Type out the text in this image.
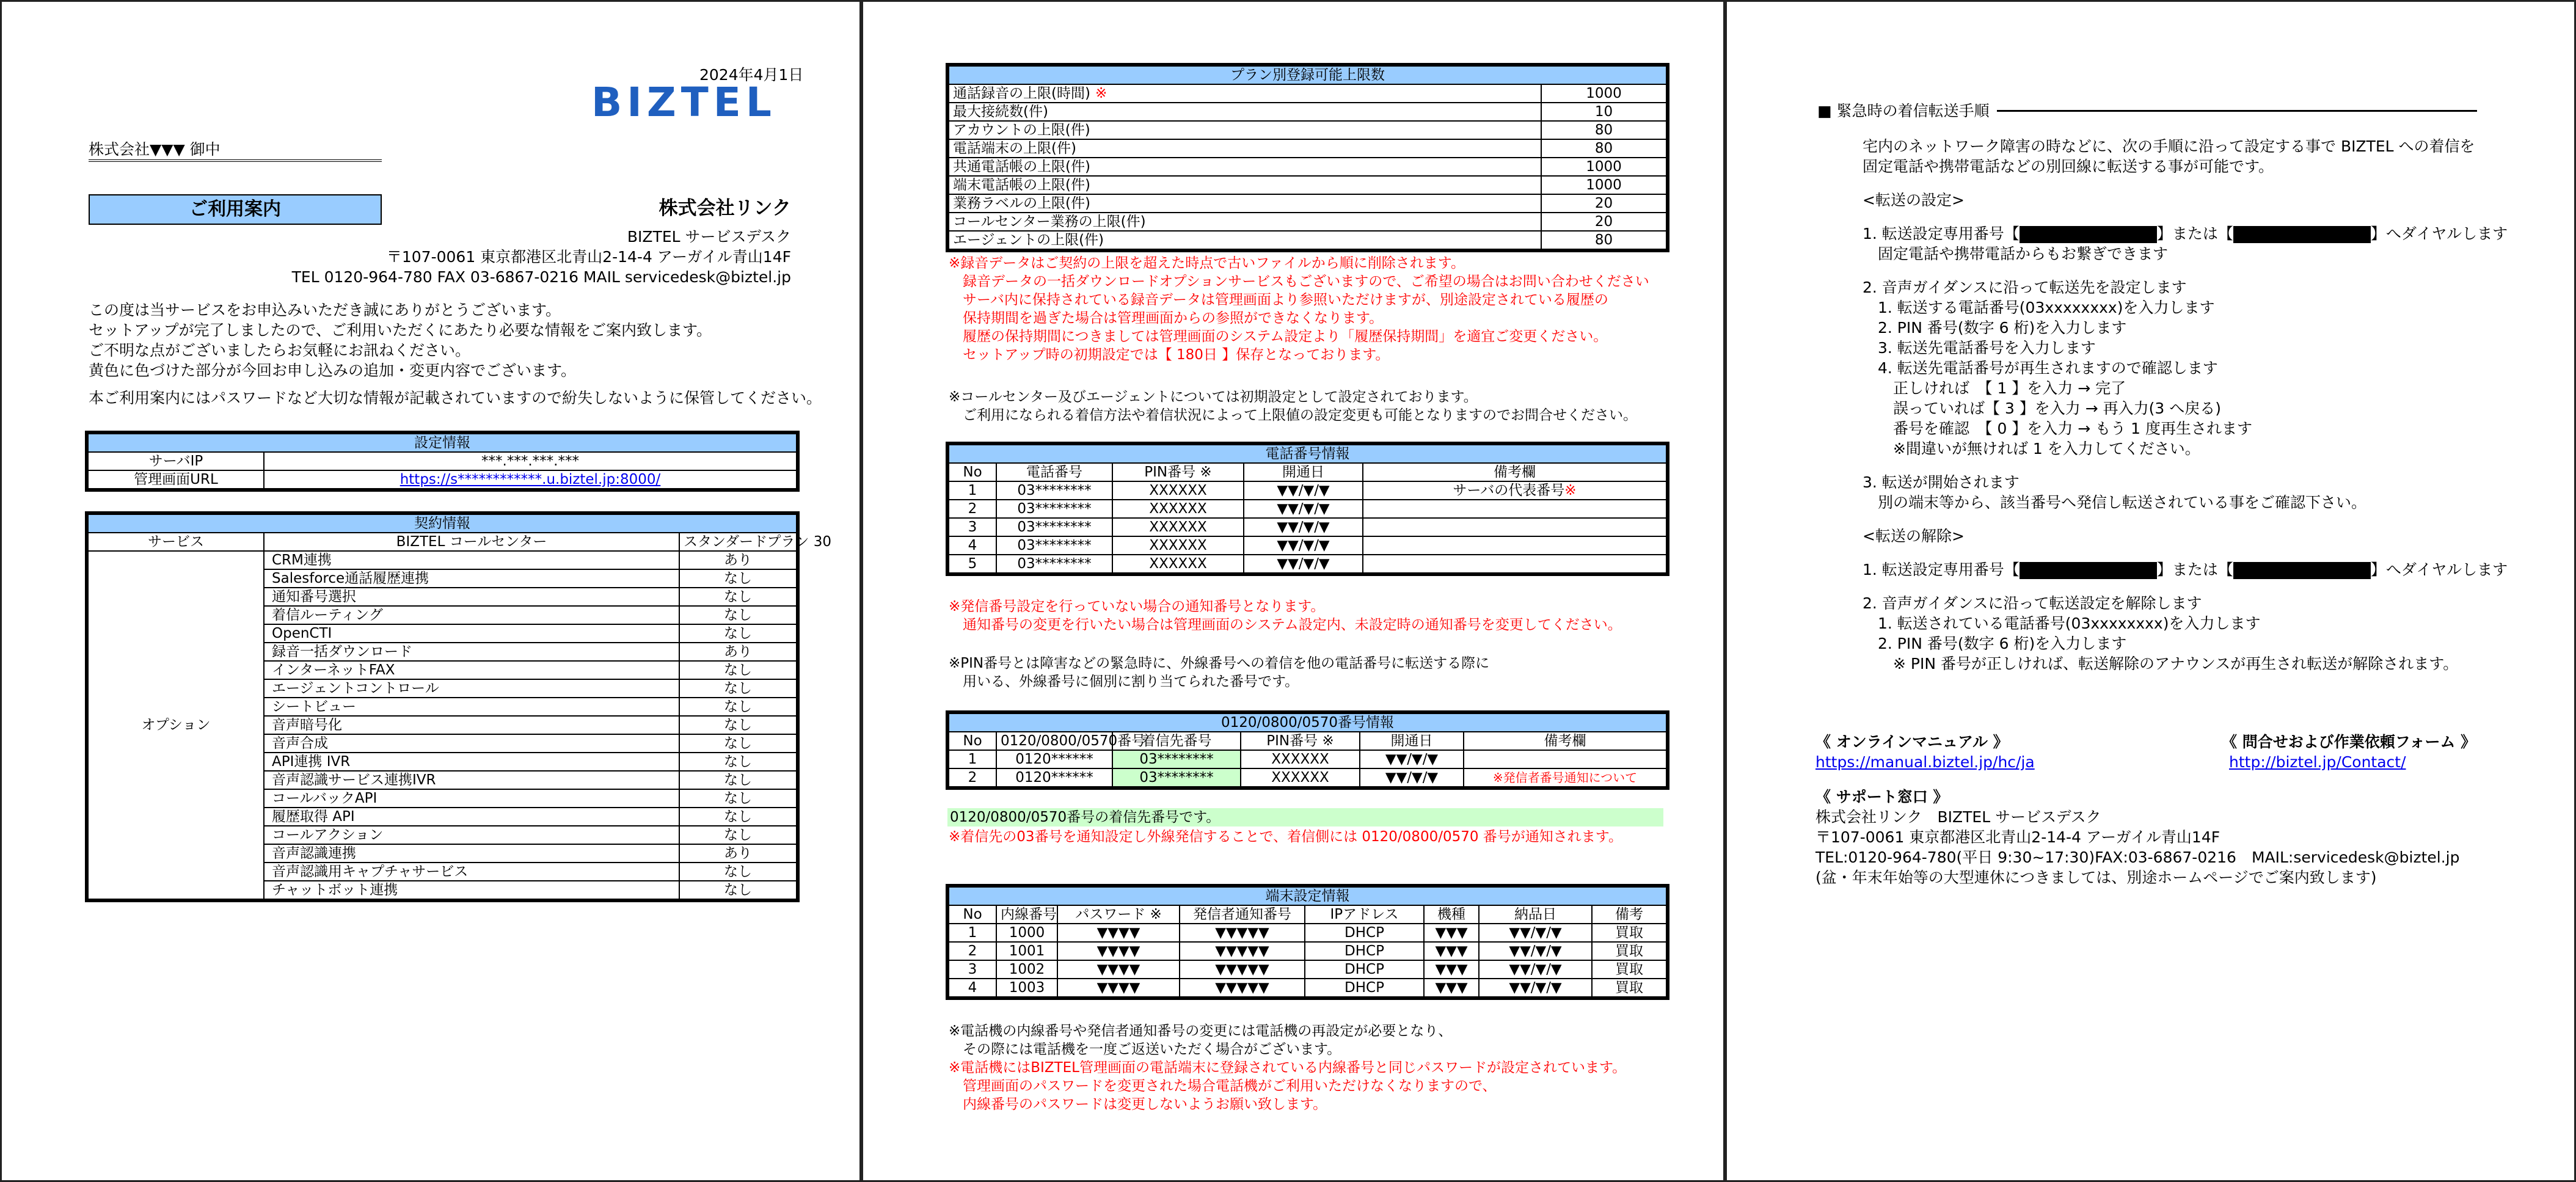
2024年4月1日
BIZTEL
株式会社▼▼▼ 御中
ご利用案内	株式会社リンク
BIZTEL サービスデスク
〒107-0061 東京都港区北青山2-14-4 アーガイル青山14F
TEL 0120-964-780 FAX 03-6867-0216 MAIL servicedesk@biztel.jp
この度は当サービスをお申込みいただき誠にありがとうございます。
セットアップが完了しましたので、ご利用いただくにあたり必要な情報をご案内致します。
ご不明な点がございましたらお気軽にお訊ねください。
黄色に色づけた部分が今回お申し込みの追加・変更内容でございます。
本ご利用案内にはパスワードなど大切な情報が記載されていますので紛失しないように保管してください。
設定情報	
サーバIP	***.***.***.***
管理画面URL	https://s************.u.biztel.jp:8000/
契約情報		
サービス	BIZTEL コールセンター	スタンダードプラン 30
オプション	CRM連携	あり
	Salesforce通話履歴連携	なし
	通知番号選択	なし
	着信ルーティング	なし
	OpenCTI	なし
	録音一括ダウンロード	あり
	インターネットFAX	なし
	エージェントコントロール	なし
	シートビュー	なし
	音声暗号化	なし
	音声合成	なし
	API連携 IVR	なし
	音声認識サービス連携IVR	なし
	コールバックAPI	なし
	履歴取得 API	なし
	コールアクション	なし
	音声認識連携	あり
	音声認識用キャプチャサービス	なし
	チャットボット連携	なし
プラン別登録可能上限数	
通話録音の上限(時間) ※	1000
最大接続数(件)	10
アカウントの上限(件)	80
電話端末の上限(件)	80
共通電話帳の上限(件)	1000
端末電話帳の上限(件)	1000
業務ラベルの上限(件)	20
コールセンター業務の上限(件)	20
エージェントの上限(件)	80
※録音データはご契約の上限を超えた時点で古いファイルから順に削除されます。
　録音データの一括ダウンロードオプションサービスもございますので、ご希望の場合はお問い合わせください
　サーバ内に保持されている録音データは管理画面より参照いただけますが、別途設定されている履歴の
　保持期間を過ぎた場合は管理画面からの参照ができなくなります。
　履歴の保持期間につきましては管理画面のシステム設定より「履歴保持期間」を適宜ご変更ください。
　セットアップ時の初期設定では【 180日 】保存となっております。
※コールセンター及びエージェントについては初期設定として設定されております。
　ご利用になられる着信方法や着信状況によって上限値の設定変更も可能となりますのでお問合せください。
電話番号情報				
No	電話番号	PIN番号 ※	開通日	備考欄
1	03********	XXXXXX	▼▼/▼/▼	サーバの代表番号※
2	03********	XXXXXX	▼▼/▼/▼	
3	03********	XXXXXX	▼▼/▼/▼	
4	03********	XXXXXX	▼▼/▼/▼	
5	03********	XXXXXX	▼▼/▼/▼	
※発信番号設定を行っていない場合の通知番号となります。
　通知番号の変更を行いたい場合は管理画面のシステム設定内、未設定時の通知番号を変更してください。
※PIN番号とは障害などの緊急時に、外線番号への着信を他の電話番号に転送する際に
　用いる、外線番号に個別に割り当てられた番号です。
0120/0800/0570番号情報					
No	0120/0800/0570番号	着信先番号	PIN番号 ※	開通日	備考欄
1	0120******	03********	XXXXXX	▼▼/▼/▼	
2	0120******	03********	XXXXXX	▼▼/▼/▼	※発信者番号通知について
0120/0800/0570番号の着信先番号です。
※着信先の03番号を通知設定し外線発信することで、着信側には 0120/0800/0570 番号が通知されます。
端末設定情報							
No	内線番号	パスワード ※	発信者通知番号	IPアドレス	機種	納品日	備考
1	1000	▼▼▼▼	▼▼▼▼▼	DHCP	▼▼▼	▼▼/▼/▼	買取
2	1001	▼▼▼▼	▼▼▼▼▼	DHCP	▼▼▼	▼▼/▼/▼	買取
3	1002	▼▼▼▼	▼▼▼▼▼	DHCP	▼▼▼	▼▼/▼/▼	買取
4	1003	▼▼▼▼	▼▼▼▼▼	DHCP	▼▼▼	▼▼/▼/▼	買取
※電話機の内線番号や発信者通知番号の変更には電話機の再設定が必要となり、
　その際には電話機を一度ご返送いただく場合がございます。
※電話機にはBIZTEL管理画面の電話端末に登録されている内線番号と同じパスワードが設定されています。
　管理画面のパスワードを変更された場合電話機がご利用いただけなくなりますので、
　内線番号のパスワードは変更しないようお願い致します。
■ 緊急時の着信転送手順
宅内のネットワーク障害の時などに、次の手順に沿って設定する事で BIZTEL への着信を
固定電話や携帯電話などの別回線に転送する事が可能です。
<転送の設定>
1. 転送設定専用番号【	】または【	】へダイヤルします
　固定電話や携帯電話からもお繋ぎできます
2. 音声ガイダンスに沿って転送先を設定します
　1. 転送する電話番号(03xxxxxxxx)を入力します
　2. PIN 番号(数字 6 桁)を入力します
　3. 転送先電話番号を入力します
　4. 転送先電話番号が再生されますので確認します
　　正しければ　【 1 】を入力 → 完了
　　誤っていれば【 3 】を入力 → 再入力(3 へ戻る)
　　番号を確認　【 0 】を入力 → もう 1 度再生されます
　　※間違いが無ければ 1 を入力してください。
3. 転送が開始されます
　別の端末等から、該当番号へ発信し転送されている事をご確認下さい。
<転送の解除>
1. 転送設定専用番号【	】または【	】へダイヤルします
2. 音声ガイダンスに沿って転送設定を解除します
　1. 転送されている電話番号(03xxxxxxxx)を入力します
　2. PIN 番号(数字 6 桁)を入力します
　　※ PIN 番号が正しければ、転送解除のアナウンスが再生され転送が解除されます。
《 オンラインマニュアル 》
https://manual.biztel.jp/hc/ja
《 問合せおよび作業依頼フォーム 》
http://biztel.jp/Contact/
《 サポート窓口 》
株式会社リンク　BIZTEL サービスデスク
〒107-0061 東京都港区北青山2-14-4 アーガイル青山14F
TEL:0120-964-780(平日 9:30~17:30)FAX:03-6867-0216　MAIL:servicedesk@biztel.jp
(盆・年末年始等の大型連休につきましては、別途ホームページでご案内致します)
